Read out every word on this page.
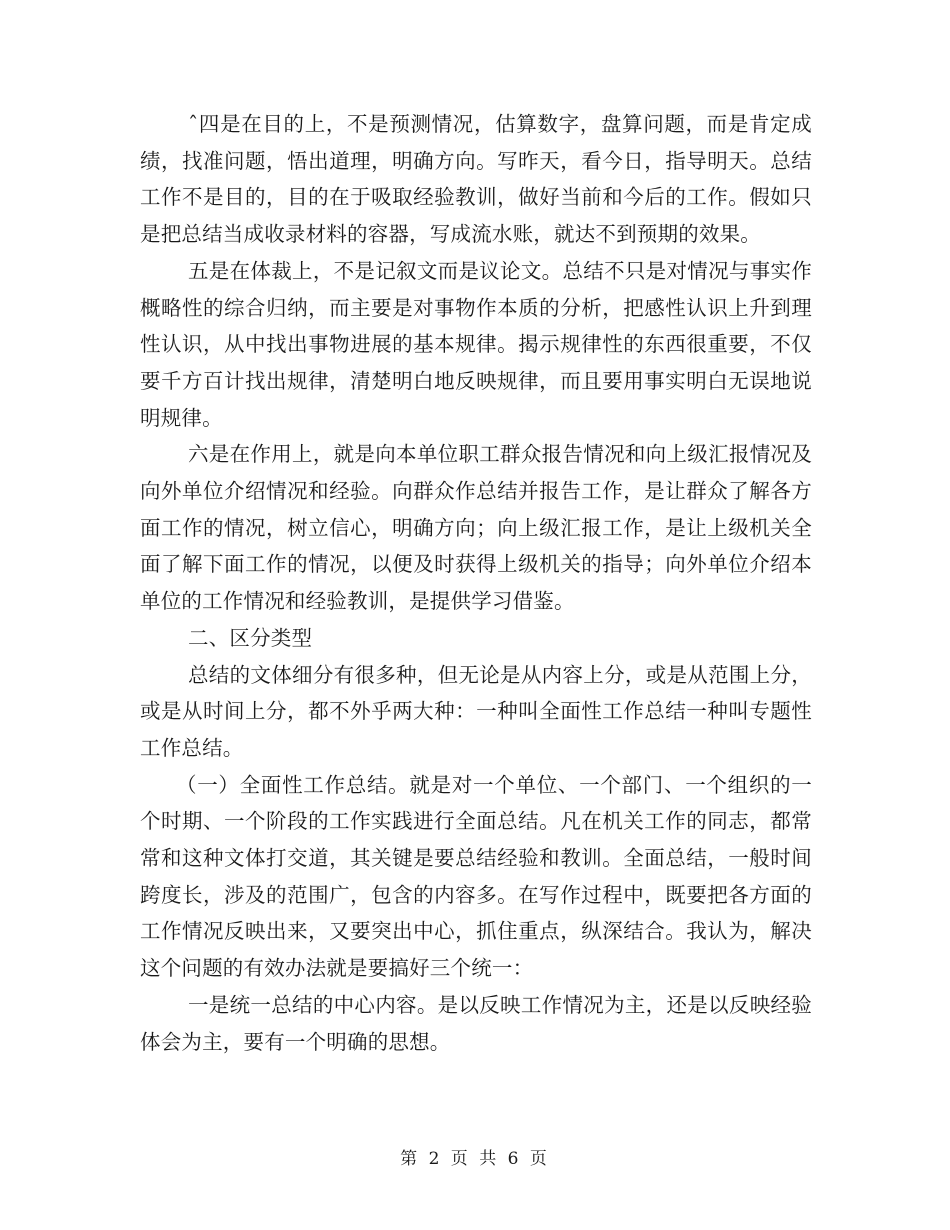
ˆ四是在目的上，不是预测情况，估算数字，盘算问题，而是肯定成绩，找准问题，悟出道理，明确方向。写昨天，看今日，指导明天。总结工作不是目的，目的在于吸取经验教训，做好当前和今后的工作。假如只是把总结当成收录材料的容器，写成流水账，就达不到预期的效果。

五是在体裁上，不是记叙文而是议论文。总结不只是对情况与事实作概略性的综合归纳，而主要是对事物作本质的分析，把感性认识上升到理性认识，从中找出事物进展的基本规律。揭示规律性的东西很重要，不仅要千方百计找出规律，清楚明白地反映规律，而且要用事实明白无误地说明规律。

六是在作用上，就是向本单位职工群众报告情况和向上级汇报情况及向外单位介绍情况和经验。向群众作总结并报告工作，是让群众了解各方面工作的情况，树立信心，明确方向；向上级汇报工作，是让上级机关全面了解下面工作的情况，以便及时获得上级机关的指导；向外单位介绍本单位的工作情况和经验教训，是提供学习借鉴。

二、区分类型

总结的文体细分有很多种，但无论是从内容上分，或是从范围上分，或是从时间上分，都不外乎两大种：一种叫全面性工作总结一种叫专题性工作总结。

（一）全面性工作总结。就是对一个单位、一个部门、一个组织的一个时期、一个阶段的工作实践进行全面总结。凡在机关工作的同志，都常常和这种文体打交道，其关键是要总结经验和教训。全面总结，一般时间跨度长，涉及的范围广，包含的内容多。在写作过程中，既要把各方面的工作情况反映出来，又要突出中心，抓住重点，纵深结合。我认为，解决这个问题的有效办法就是要搞好三个统一：

一是统一总结的中心内容。是以反映工作情况为主，还是以反映经验体会为主，要有一个明确的思想。

第 2 页 共 6 页
